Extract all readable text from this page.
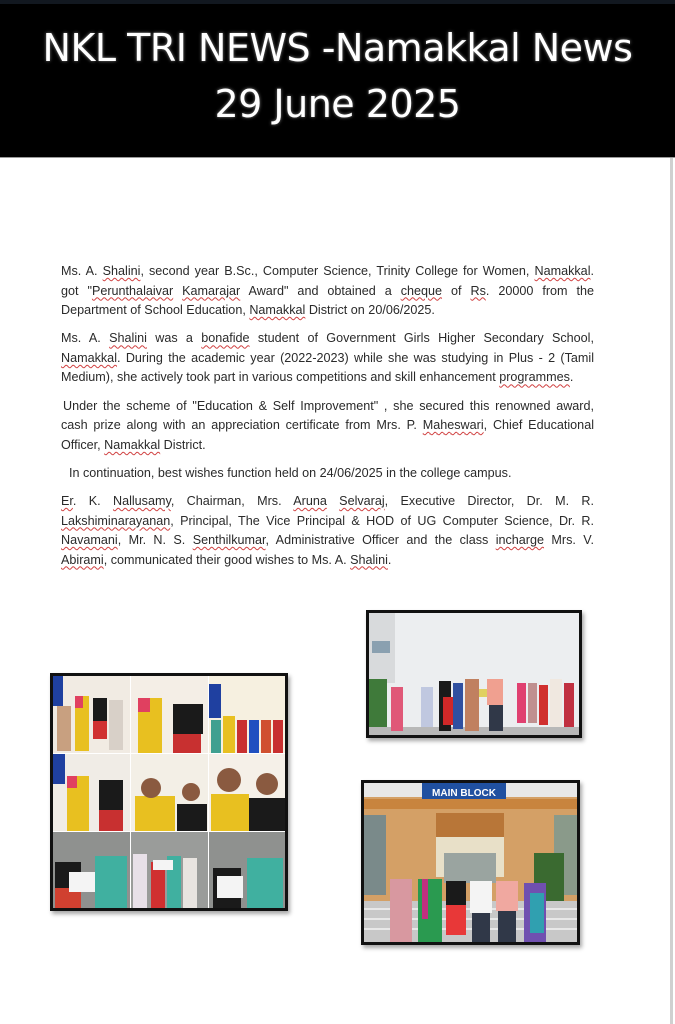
NKL TRI NEWS -Namakkal News
29 June 2025

Ms. A. Shalini, second year B.Sc., Computer Science, Trinity College for Women, Namakkal. got "Perunthalaivar Kamarajar Award" and obtained a cheque of Rs. 20000 from the Department of School Education, Namakkal District on 20/06/2025.

Ms. A. Shalini was a bonafide student of Government Girls Higher Secondary School, Namakkal. During the academic year (2022-2023) while she was studying in Plus - 2 (Tamil Medium), she actively took part in various competitions and skill enhancement programmes.

Under the scheme of "Education & Self Improvement" , she secured this renowned award, cash prize along with an appreciation certificate from Mrs. P. Maheswari, Chief Educational Officer, Namakkal District.

In continuation, best wishes function held on 24/06/2025 in the college campus.

Er. K. Nallusamy, Chairman, Mrs. Aruna Selvaraj, Executive Director, Dr. M. R. Lakshiminarayanan, Principal, The Vice Principal & HOD of UG Computer Science, Dr. R. Navamani, Mr. N. S. Senthilkumar, Administrative Officer and the class incharge Mrs. V. Abirami, communicated their good wishes to Ms. A. Shalini.

MAIN BLOCK
